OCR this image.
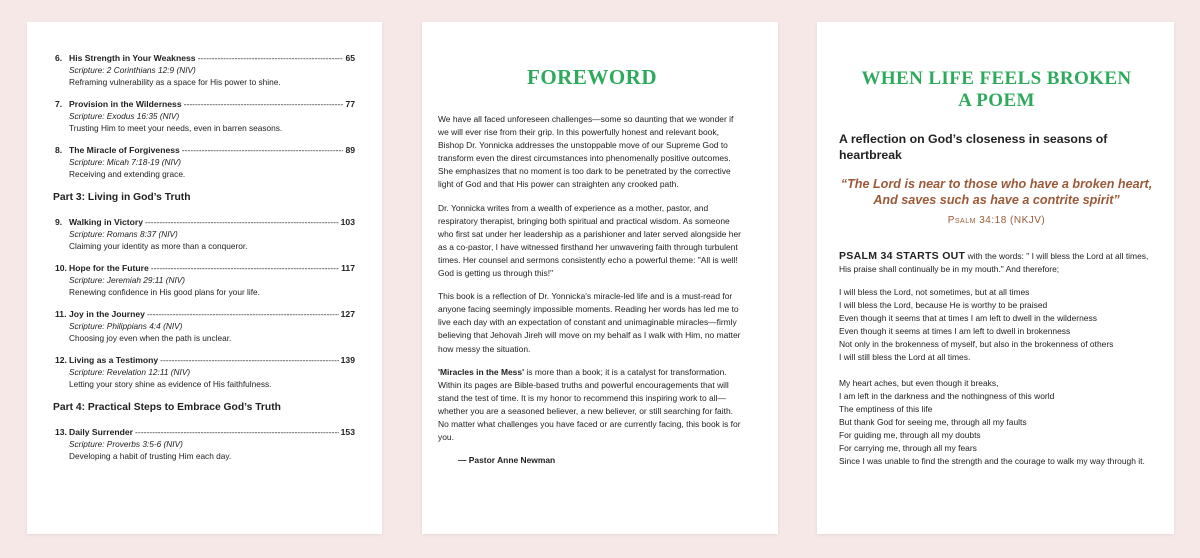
6. His Strength in Your Weakness - - -	65
Scripture: 2 Corinthians 12:9 (NIV)
Reframing vulnerability as a space for His power to shine.
7. Provision in the Wilderness - - -	77
Scripture: Exodus 16:35 (NIV)
Trusting Him to meet your needs, even in barren seasons.
8. The Miracle of Forgiveness - - -	89
Scripture: Micah 7:18-19 (NIV)
Receiving and extending grace.
Part 3: Living in God’s Truth
9. Walking in Victory - - -	103
Scripture: Romans 8:37 (NIV)
Claiming your identity as more than a conqueror.
10. Hope for the Future - - -	117
Scripture: Jeremiah 29:11 (NIV)
Renewing confidence in His good plans for your life.
11. Joy in the Journey - - -	127
Scripture: Philippians 4:4 (NIV)
Choosing joy even when the path is unclear.
12. Living as a Testimony - - -	139
Scripture: Revelation 12:11 (NIV)
Letting your story shine as evidence of His faithfulness.
Part 4: Practical Steps to Embrace God’s Truth
13. Daily Surrender - - -	153
Scripture: Proverbs 3:5-6 (NIV)
Developing a habit of trusting Him each day.
FOREWORD

We have all faced unforeseen challenges—some so daunting that we wonder if we will ever rise from their grip. In this powerfully honest and relevant book, Bishop Dr. Yonnicka addresses the unstoppable move of our Supreme God to transform even the direst circumstances into phenomenally positive outcomes. She emphasizes that no moment is too dark to be penetrated by the corrective light of God and that His power can straighten any crooked path.

Dr. Yonnicka writes from a wealth of experience as a mother, pastor, and respiratory therapist, bringing both spiritual and practical wisdom. As someone who first sat under her leadership as a parishioner and later served alongside her as a co-pastor, I have witnessed firsthand her unwavering faith through turbulent times. Her counsel and sermons consistently echo a powerful theme: "All is well! God is getting us through this!"

This book is a reflection of Dr. Yonnicka's miracle-led life and is a must-read for anyone facing seemingly impossible moments. Reading her words has led me to live each day with an expectation of constant and unimaginable miracles—firmly believing that Jehovah Jireh will move on my behalf as I walk with Him, no matter how messy the situation.

'Miracles in the Mess' is more than a book; it is a catalyst for transformation. Within its pages are Bible-based truths and powerful encouragements that will stand the test of time. It is my honor to recommend this inspiring work to all—whether you are a seasoned believer, a new believer, or still searching for faith. No matter what challenges you have faced or are currently facing, this book is for you.

— Pastor Anne Newman
WHEN LIFE FEELS BROKEN
A POEM
A reflection on God’s closeness in seasons of heartbreak
“The Lord is near to those who have a broken heart, And saves such as have a contrite spirit”
Psalm 34:18 (NKJV)
PSALM 34 STARTS OUT with the words: " I will bless the Lord at all times, His praise shall continually be in my mouth." And therefore;
I will bless the Lord, not sometimes, but at all times
I will bless the Lord, because He is worthy to be praised
Even though it seems that at times I am left to dwell in the wilderness
Even though it seems at times I am left to dwell in brokenness
Not only in the brokenness of myself, but also in the brokenness of others
I will still bless the Lord at all times.
My heart aches, but even though it breaks,
I am left in the darkness and the nothingness of this world
The emptiness of this life
But thank God for seeing me, through all my faults
For guiding me, through all my doubts
For carrying me, through all my fears
Since I was unable to find the strength and the courage to walk my way through it.
